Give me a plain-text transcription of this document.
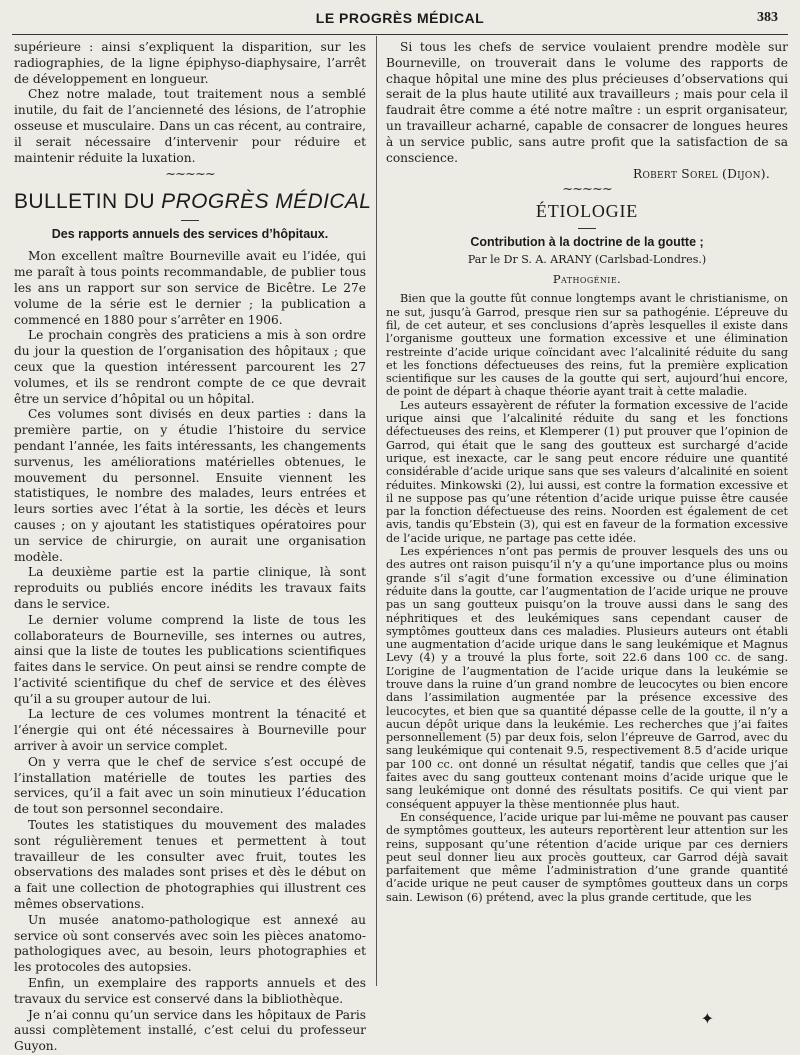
LE PROGRÈS MÉDICAL	383

supérieure : ainsi s’expliquent la disparition, sur les radiographies, de la ligne épiphyso-diaphysaire, l’arrêt de développement en longueur.

Chez notre malade, tout traitement nous a semblé inutile, du fait de l’ancienneté des lésions, de l’atrophie osseuse et musculaire. Dans un cas récent, au contraire, il serait nécessaire d’intervenir pour réduire et maintenir réduite la luxation.

~~~~~
BULLETIN DU PROGRÈS MÉDICAL
Des rapports annuels des services d’hôpitaux.

Mon excellent maître Bourneville avait eu l’idée, qui me paraît à tous points recommandable, de publier tous les ans un rapport sur son service de Bicêtre. Le 27e volume de la série est le dernier ; la publication a commencé en 1880 pour s’arrêter en 1906.

Le prochain congrès des praticiens a mis à son ordre du jour la question de l’organisation des hôpitaux ; que ceux que la question intéressent parcourent les 27 volumes, et ils se rendront compte de ce que devrait être un service d’hôpital ou un hôpital.

Ces volumes sont divisés en deux parties : dans la première partie, on y étudie l’histoire du service pendant l’année, les faits intéressants, les changements survenus, les améliorations matérielles obtenues, le mouvement du personnel. Ensuite viennent les statistiques, le nombre des malades, leurs entrées et leurs sorties avec l’état à la sortie, les décès et leurs causes ; on y ajoutant les statistiques opératoires pour un service de chirurgie, on aurait une organisation modèle.

La deuxième partie est la partie clinique, là sont reproduits ou publiés encore inédits les travaux faits dans le service.

Le dernier volume comprend la liste de tous les collaborateurs de Bourneville, ses internes ou autres, ainsi que la liste de toutes les publications scientifiques faites dans le service. On peut ainsi se rendre compte de l’activité scientifique du chef de service et des élèves qu’il a su grouper autour de lui.

La lecture de ces volumes montrent la ténacité et l’énergie qui ont été nécessaires à Bourneville pour arriver à avoir un service complet.

On y verra que le chef de service s’est occupé de l’installation matérielle de toutes les parties des services, qu’il a fait avec un soin minutieux l’éducation de tout son personnel secondaire.

Toutes les statistiques du mouvement des malades sont régulièrement tenues et permettent à tout travailleur de les consulter avec fruit, toutes les observations des malades sont prises et dès le début on a fait une collection de photographies qui illustrent ces mêmes observations.

Un musée anatomo-pathologique est annexé au service où sont conservés avec soin les pièces anatomo-pathologiques avec, au besoin, leurs photographies et les protocoles des autopsies.

Enfin, un exemplaire des rapports annuels et des travaux du service est conservé dans la bibliothèque.

Je n’ai connu qu’un service dans les hôpitaux de Paris aussi complètement installé, c’est celui du professeur Guyon.

Si tous les chefs de service voulaient prendre modèle sur Bourneville, on trouverait dans le volume des rapports de chaque hôpital une mine des plus précieuses d’observations qui serait de la plus haute utilité aux travailleurs ; mais pour cela il faudrait être comme a été notre maître : un esprit organisateur, un travailleur acharné, capable de consacrer de longues heures à un service public, sans autre profit que la satisfaction de sa conscience.

Robert Sorel (Dijon).
~~~~~
ÉTIOLOGIE
Contribution à la doctrine de la goutte ;
Par le Dr S. A. ARANY (Carlsbad-Londres.)
Pathogénie.

Bien que la goutte fût connue longtemps avant le christianisme, on ne sut, jusqu’à Garrod, presque rien sur sa pathogénie. L’épreuve du fil, de cet auteur, et ses conclusions d’après lesquelles il existe dans l’organisme goutteux une formation excessive et une élimination restreinte d’acide urique coïncidant avec l’alcalinité réduite du sang et les fonctions défectueuses des reins, fut la première explication scientifique sur les causes de la goutte qui sert, aujourd’hui encore, de point de départ à chaque théorie ayant trait à cette maladie.

Les auteurs essayèrent de réfuter la formation excessive de l’acide urique ainsi que l’alcalinité réduite du sang et les fonctions défectueuses des reins, et Klemperer (1) put prouver que l’opinion de Garrod, qui était que le sang des goutteux est surchargé d’acide urique, est inexacte, car le sang peut encore réduire une quantité considérable d’acide urique sans que ses valeurs d’alcalinité en soient réduites. Minkowski (2), lui aussi, est contre la formation excessive et il ne suppose pas qu’une rétention d’acide urique puisse être causée par la fonction défectueuse des reins. Noorden est également de cet avis, tandis qu’Ebstein (3), qui est en faveur de la formation excessive de l’acide urique, ne partage pas cette idée.

Les expériences n’ont pas permis de prouver lesquels des uns ou des autres ont raison puisqu’il n’y a qu’une importance plus ou moins grande s’il s’agit d’une formation excessive ou d’une élimination réduite dans la goutte, car l’augmentation de l’acide urique ne prouve pas un sang goutteux puisqu’on la trouve aussi dans le sang des néphritiques et des leukémiques sans cependant causer de symptômes goutteux dans ces maladies. Plusieurs auteurs ont établi une augmentation d’acide urique dans le sang leukémique et Magnus Levy (4) y a trouvé la plus forte, soit 22.6 dans 100 cc. de sang. L’origine de l’augmentation de l’acide urique dans la leukémie se trouve dans la ruine d’un grand nombre de leucocytes ou bien encore dans l’assimilation augmentée par la présence excessive des leucocytes, et bien que sa quantité dépasse celle de la goutte, il n’y a aucun dépôt urique dans la leukémie. Les recherches que j’ai faites personnellement (5) par deux fois, selon l’épreuve de Garrod, avec du sang leukémique qui contenait 9.5, respectivement 8.5 d’acide urique par 100 cc. ont donné un résultat négatif, tandis que celles que j’ai faites avec du sang goutteux contenant moins d’acide urique que le sang leukémique ont donné des résultats positifs. Ce qui vient par conséquent appuyer la thèse mentionnée plus haut.

En conséquence, l’acide urique par lui-même ne pouvant pas causer de symptômes goutteux, les auteurs reportèrent leur attention sur les reins, supposant qu’une rétention d’acide urique par ces derniers peut seul donner lieu aux procès goutteux, car Garrod déjà savait parfaitement que même l’administration d’une grande quantité d’acide urique ne peut causer de symptômes goutteux dans un corps sain. Lewison (6) prétend, avec la plus grande certitude, que les

✦
